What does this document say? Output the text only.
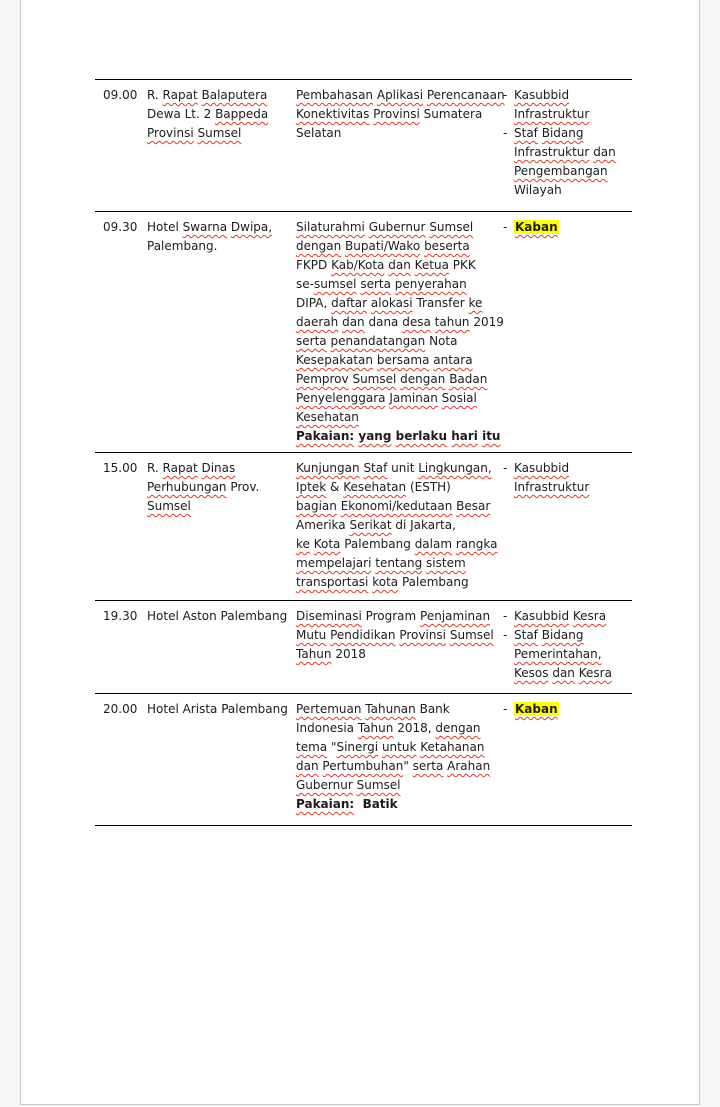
09.00 R. Rapat Balaputera
Dewa Lt. 2 Bappeda
Provinsi Sumsel
Pembahasan Aplikasi Perencanaan
Konektivitas Provinsi Sumatera
Selatan
- Kasubbid
Infrastruktur
- Staf Bidang
Infrastruktur dan
Pengembangan
Wilayah
09.30 Hotel Swarna Dwipa,
Palembang.
Silaturahmi Gubernur Sumsel
dengan Bupati/Wako beserta
FKPD Kab/Kota dan Ketua PKK
se-sumsel serta penyerahan
DIPA, daftar alokasi Transfer ke
daerah dan dana desa tahun 2019
serta penandatangan Nota
Kesepakatan bersama antara
Pemprov Sumsel dengan Badan
Penyelenggara Jaminan Sosial
Kesehatan
Pakaian: yang berlaku hari itu
- Kaban
15.00 R. Rapat Dinas
Perhubungan Prov.
Sumsel
Kunjungan Staf unit Lingkungan,
Iptek & Kesehatan (ESTH)
bagian Ekonomi/kedutaan Besar
Amerika Serikat di Jakarta,
ke Kota Palembang dalam rangka
mempelajari tentang sistem
transportasi kota Palembang
- Kasubbid
Infrastruktur
19.30 Hotel Aston Palembang Diseminasi Program Penjaminan
Mutu Pendidikan Provinsi Sumsel
Tahun 2018
- Kasubbid Kesra
- Staf Bidang
Pemerintahan,
Kesos dan Kesra
20.00 Hotel Arista Palembang Pertemuan Tahunan Bank
Indonesia Tahun 2018, dengan
tema "Sinergi untuk Ketahanan
dan Pertumbuhan" serta Arahan
Gubernur Sumsel
Pakaian: Batik
- Kaban
